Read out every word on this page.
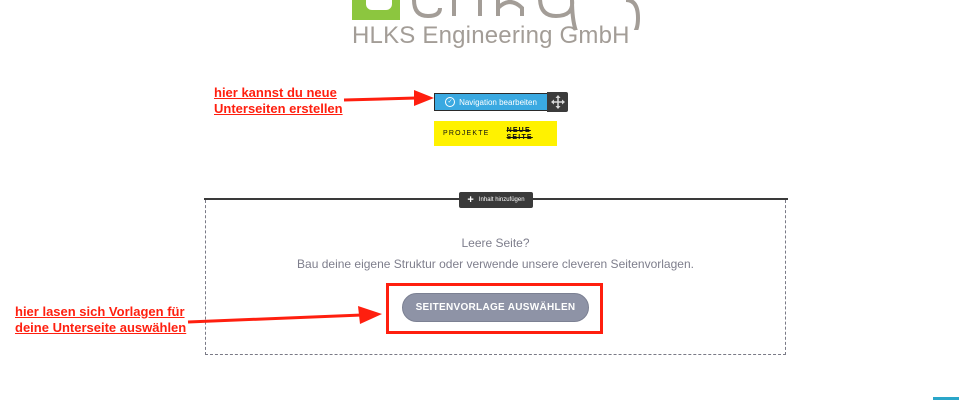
HLKS Engineering GmbH
hier kannst du neue
Unterseiten erstellen	✓ Navigation bearbeiten
PROJEKTE NEUE SEITE
+ Inhalt hinzufügen
Leere Seite?
Bau deine eigene Struktur oder verwende unsere cleveren Seitenvorlagen.
SEITENVORLAGE AUSWÄHLEN
hier lasen sich Vorlagen für
deine Unterseite auswählen
